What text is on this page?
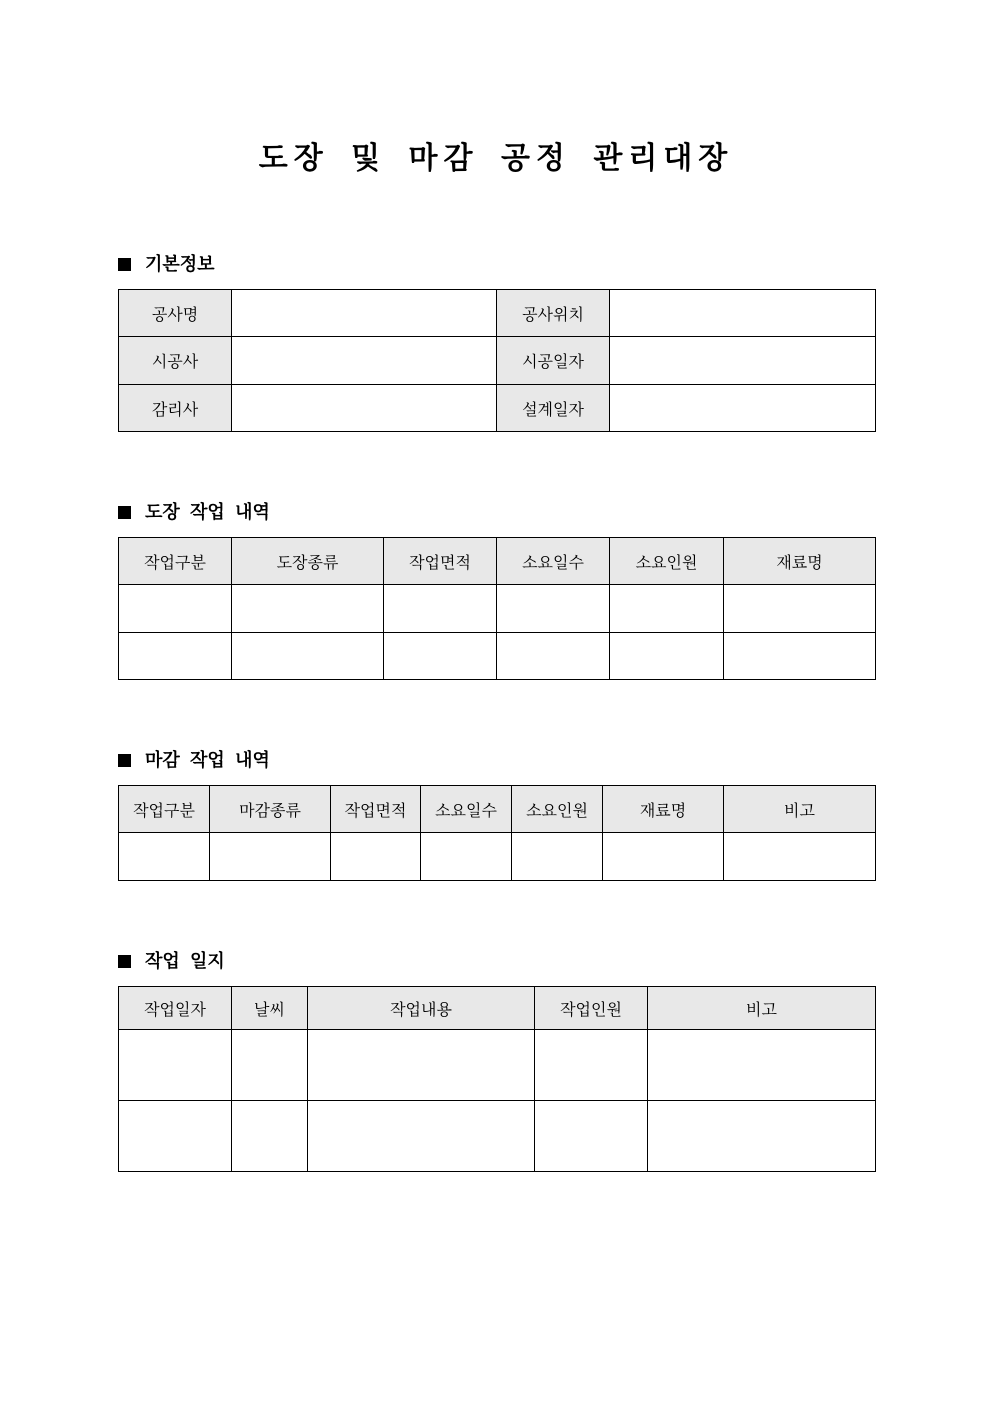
도장 및 마감 공정 관리대장
기본정보
공사명		공사위치	
시공사		시공일자	
감리사		설계일자	
도장 작업 내역
작업구분	도장종류	작업면적	소요일수	소요인원	재료명

마감 작업 내역
작업구분	마감종류	작업면적	소요일수	소요인원	재료명	비고

작업 일지
작업일자	날씨	작업내용	작업인원	비고
